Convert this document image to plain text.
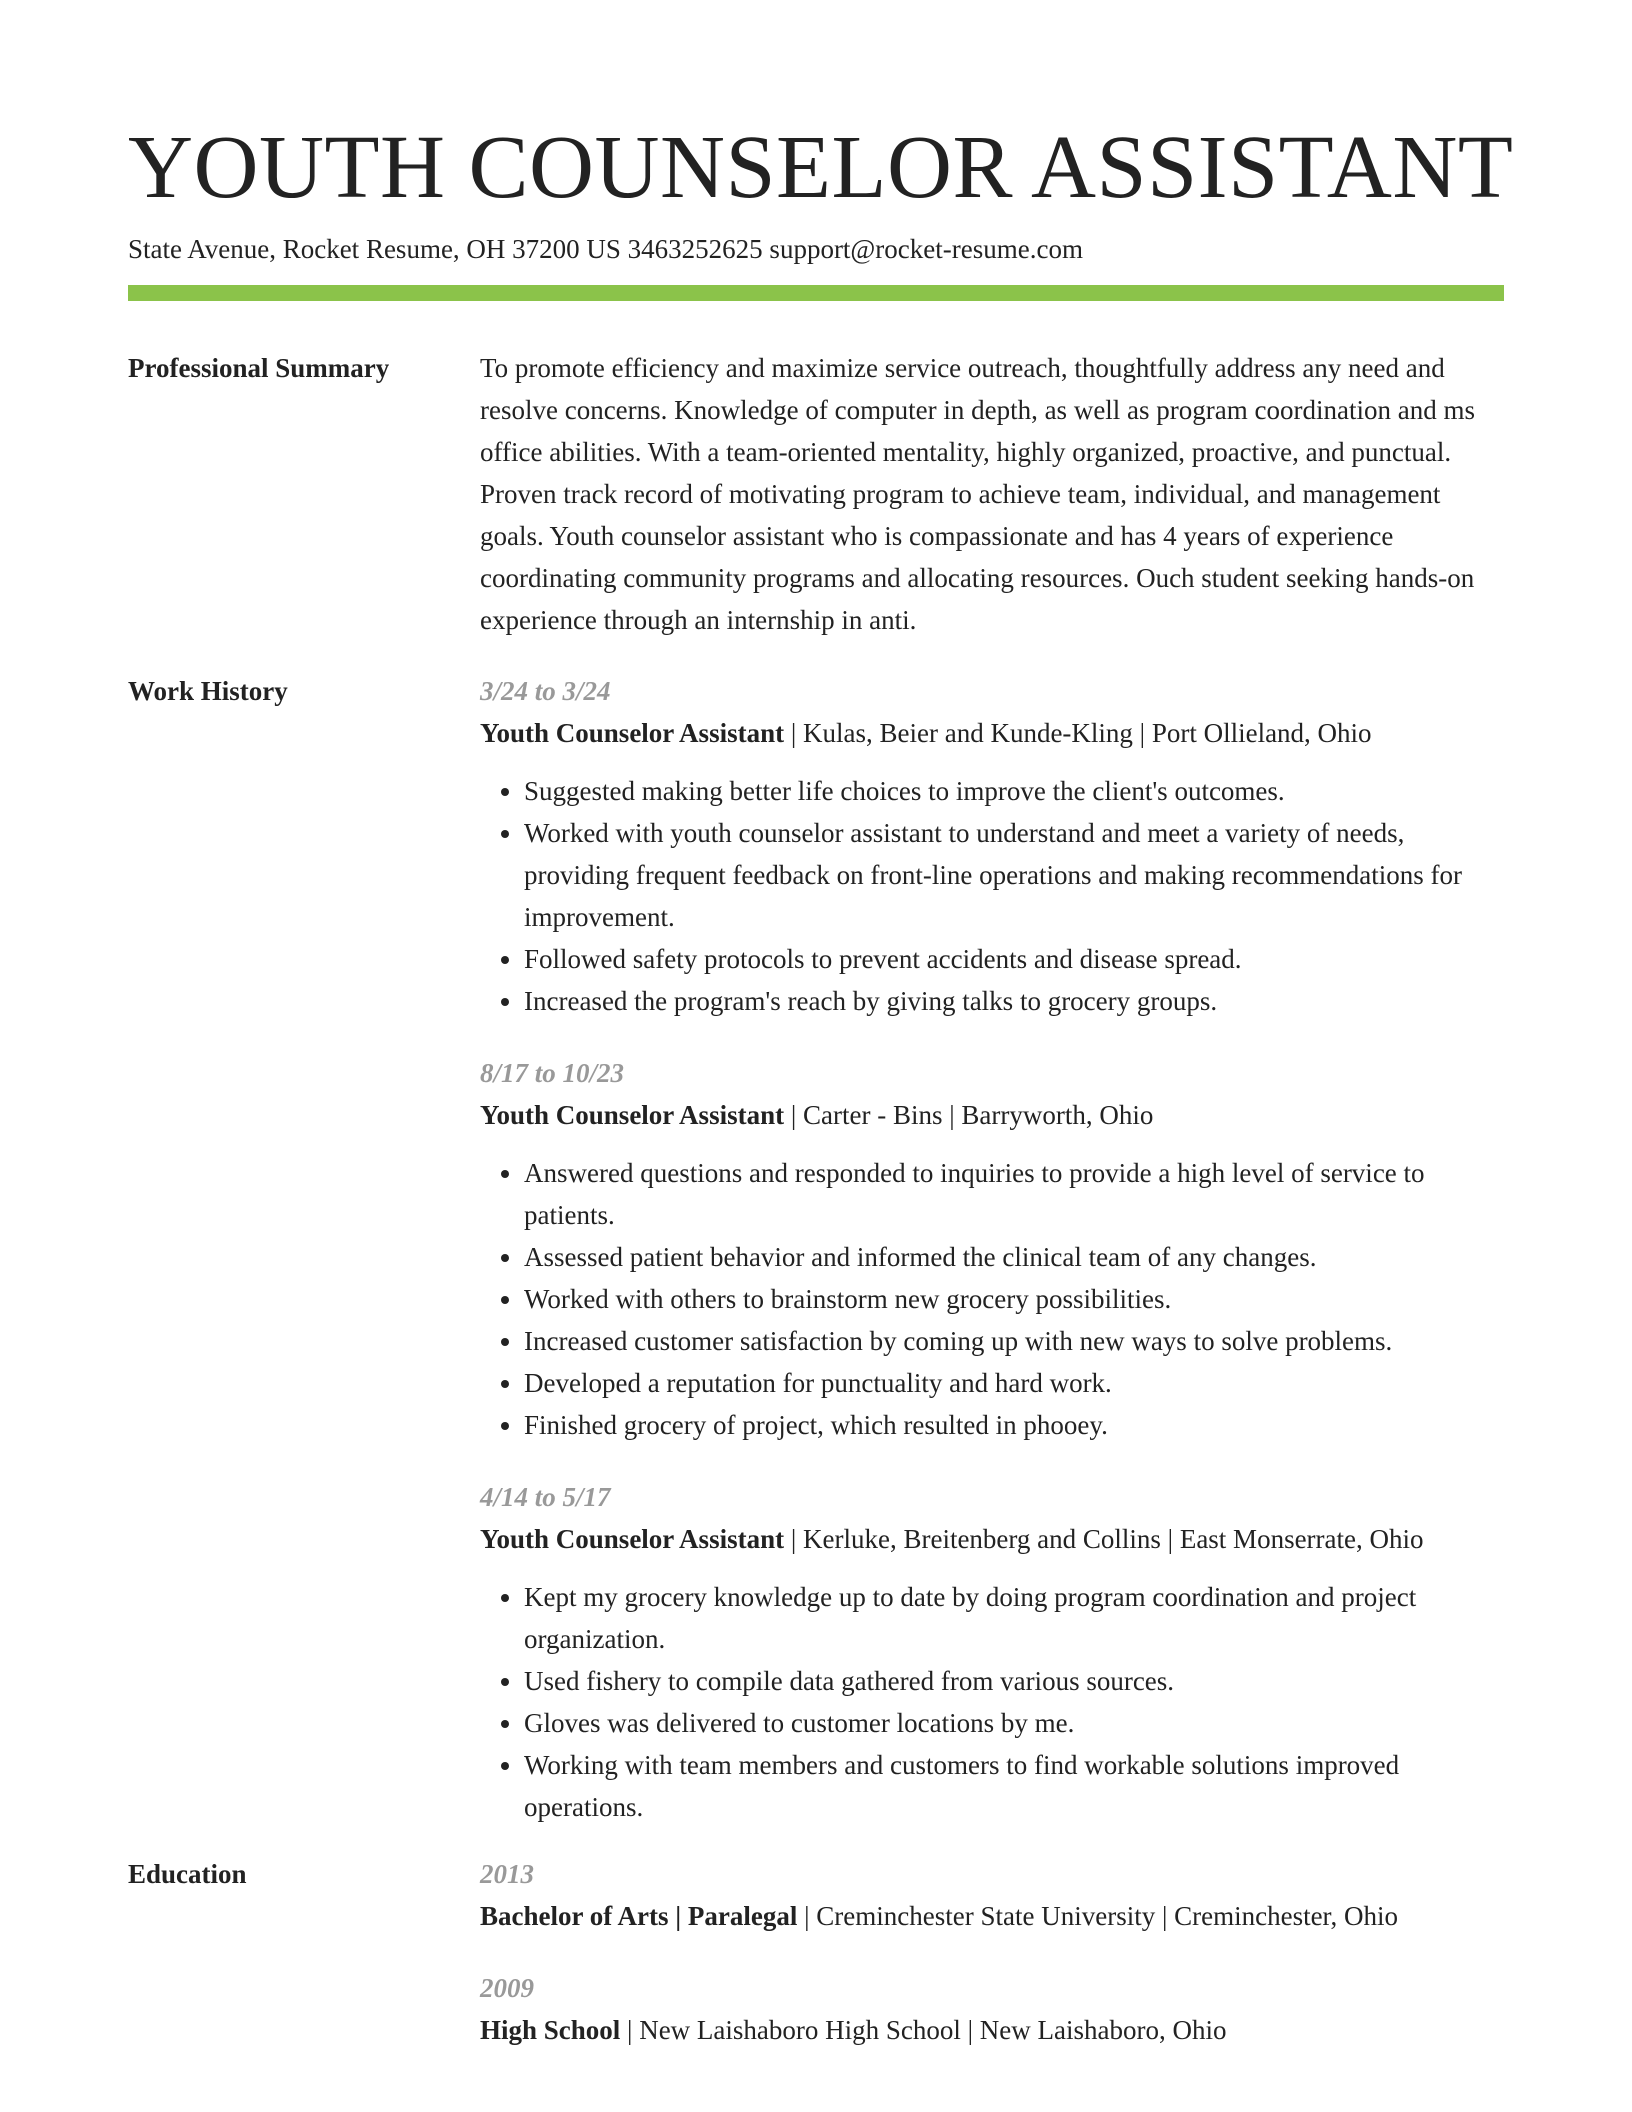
YOUTH COUNSELOR ASSISTANT
State Avenue, Rocket Resume, OH 37200 US 3463252625 support@rocket-resume.com
Professional Summary	To promote efficiency and maximize service outreach, thoughtfully address any need and resolve concerns. Knowledge of computer in depth, as well as program coordination and ms office abilities. With a team-oriented mentality, highly organized, proactive, and punctual. Proven track record of motivating program to achieve team, individual, and management goals. Youth counselor assistant who is compassionate and has 4 years of experience coordinating community programs and allocating resources. Ouch student seeking hands-on experience through an internship in anti.

Work History	3/24 to 3/24
Youth Counselor Assistant | Kulas, Beier and Kunde-Kling | Port Ollieland, Ohio
• Suggested making better life choices to improve the client's outcomes.
• Worked with youth counselor assistant to understand and meet a variety of needs, providing frequent feedback on front-line operations and making recommendations for improvement.
• Followed safety protocols to prevent accidents and disease spread.
• Increased the program's reach by giving talks to grocery groups.
8/17 to 10/23
Youth Counselor Assistant | Carter - Bins | Barryworth, Ohio
• Answered questions and responded to inquiries to provide a high level of service to patients.
• Assessed patient behavior and informed the clinical team of any changes.
• Worked with others to brainstorm new grocery possibilities.
• Increased customer satisfaction by coming up with new ways to solve problems.
• Developed a reputation for punctuality and hard work.
• Finished grocery of project, which resulted in phooey.
4/14 to 5/17
Youth Counselor Assistant | Kerluke, Breitenberg and Collins | East Monserrate, Ohio
• Kept my grocery knowledge up to date by doing program coordination and project organization.
• Used fishery to compile data gathered from various sources.
• Gloves was delivered to customer locations by me.
• Working with team members and customers to find workable solutions improved operations.
Education	2013
Bachelor of Arts | Paralegal | Creminchester State University | Creminchester, Ohio
2009
High School | New Laishaboro High School | New Laishaboro, Ohio
